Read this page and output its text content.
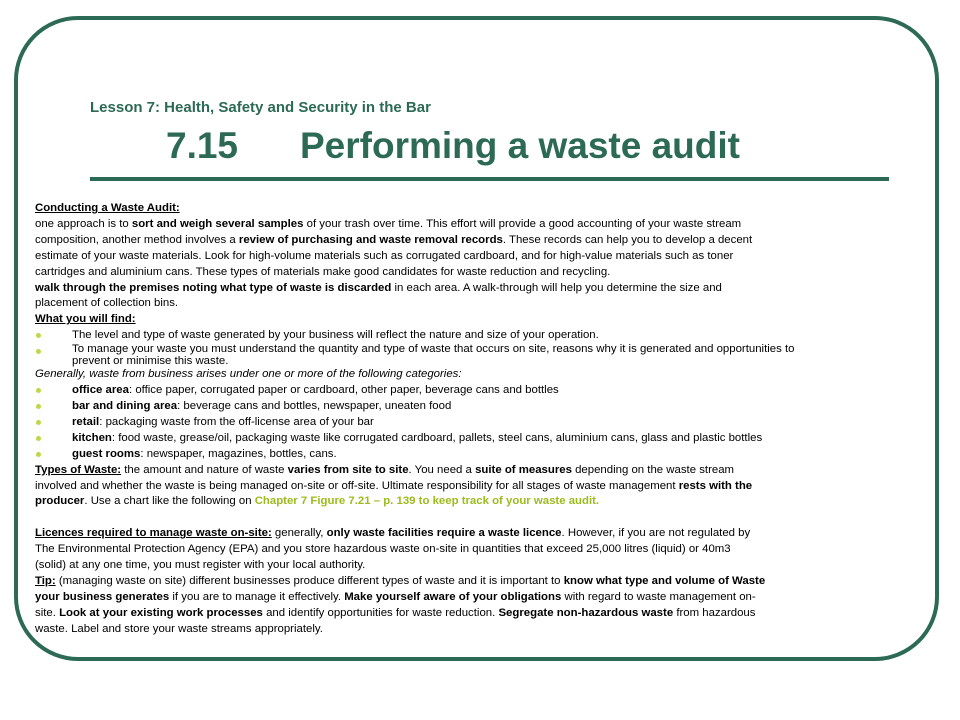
Lesson 7: Health, Safety and Security in the Bar
7.15 Performing a waste audit
Conducting a Waste Audit:
one approach is to sort and weigh several samples of your trash over time. This effort will provide a good accounting of your waste stream
composition, another method involves a review of purchasing and waste removal records. These records can help you to develop a decent
estimate of your waste materials. Look for high-volume materials such as corrugated cardboard, and for high-value materials such as toner
cartridges and aluminium cans. These types of materials make good candidates for waste reduction and recycling.
walk through the premises noting what type of waste is discarded in each area. A walk-through will help you determine the size and
placement of collection bins.
What you will find:
The level and type of waste generated by your business will reflect the nature and size of your operation.
To manage your waste you must understand the quantity and type of waste that occurs on site, reasons why it is generated and opportunities to
prevent or minimise this waste.
Generally, waste from business arises under one or more of the following categories:
office area: office paper, corrugated paper or cardboard, other paper, beverage cans and bottles
bar and dining area: beverage cans and bottles, newspaper, uneaten food
retail: packaging waste from the off-license area of your bar
kitchen: food waste, grease/oil, packaging waste like corrugated cardboard, pallets, steel cans, aluminium cans, glass and plastic bottles
guest rooms: newspaper, magazines, bottles, cans.
Types of Waste: the amount and nature of waste varies from site to site. You need a suite of measures depending on the waste stream
involved and whether the waste is being managed on-site or off-site. Ultimate responsibility for all stages of waste management rests with the
producer. Use a chart like the following on Chapter 7 Figure 7.21 – p. 139 to keep track of your waste audit.
Licences required to manage waste on-site: generally, only waste facilities require a waste licence. However, if you are not regulated by
The Environmental Protection Agency (EPA) and you store hazardous waste on-site in quantities that exceed 25,000 litres (liquid) or 40m3
(solid) at any one time, you must register with your local authority.
Tip: (managing waste on site) different businesses produce different types of waste and it is important to know what type and volume of Waste
your business generates if you are to manage it effectively. Make yourself aware of your obligations with regard to waste management on-
site. Look at your existing work processes and identify opportunities for waste reduction. Segregate non-hazardous waste from hazardous
waste. Label and store your waste streams appropriately.
